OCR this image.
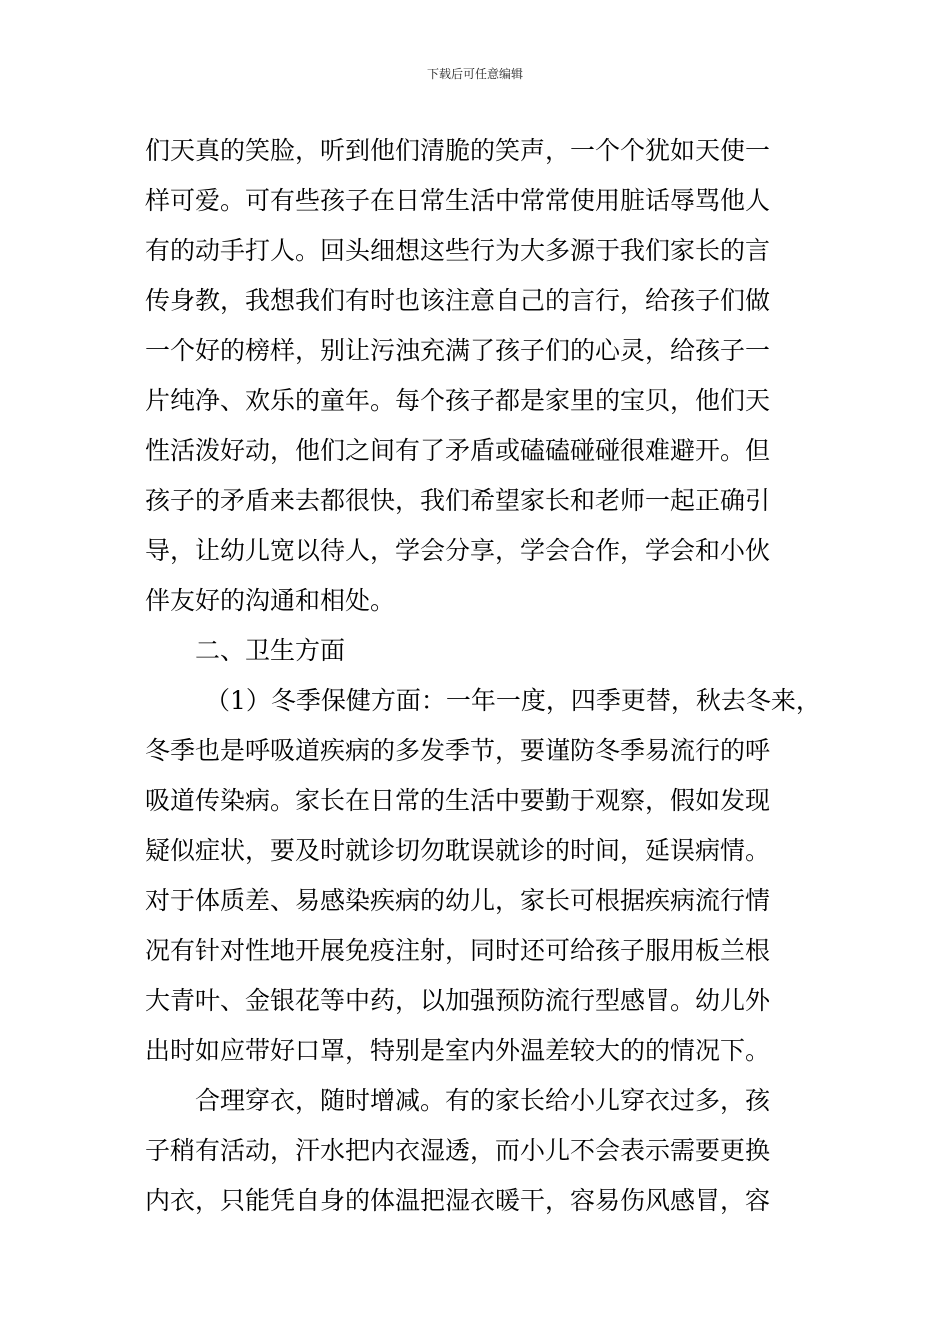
下载后可任意编辑
们天真的笑脸，听到他们清脆的笑声，一个个犹如天使一
样可爱。可有些孩子在日常生活中常常使用脏话辱骂他人
有的动手打人。回头细想这些行为大多源于我们家长的言
传身教，我想我们有时也该注意自己的言行，给孩子们做
一个好的榜样，别让污浊充满了孩子们的心灵，给孩子一
片纯净、欢乐的童年。每个孩子都是家里的宝贝，他们天
性活泼好动，他们之间有了矛盾或磕磕碰碰很难避开。但
孩子的矛盾来去都很快，我们希望家长和老师一起正确引
导，让幼儿宽以待人，学会分享，学会合作，学会和小伙
伴友好的沟通和相处。
二、卫生方面
（1）冬季保健方面：一年一度，四季更替，秋去冬来，
冬季也是呼吸道疾病的多发季节，要谨防冬季易流行的呼
吸道传染病。家长在日常的生活中要勤于观察，假如发现
疑似症状，要及时就诊切勿耽误就诊的时间，延误病情。
对于体质差、易感染疾病的幼儿，家长可根据疾病流行情
况有针对性地开展免疫注射，同时还可给孩子服用板兰根
大青叶、金银花等中药，以加强预防流行型感冒。幼儿外
出时如应带好口罩，特别是室内外温差较大的的情况下。
合理穿衣，随时增减。有的家长给小儿穿衣过多，孩
子稍有活动，汗水把内衣湿透，而小儿不会表示需要更换
内衣，只能凭自身的体温把湿衣暖干，容易伤风感冒，容
